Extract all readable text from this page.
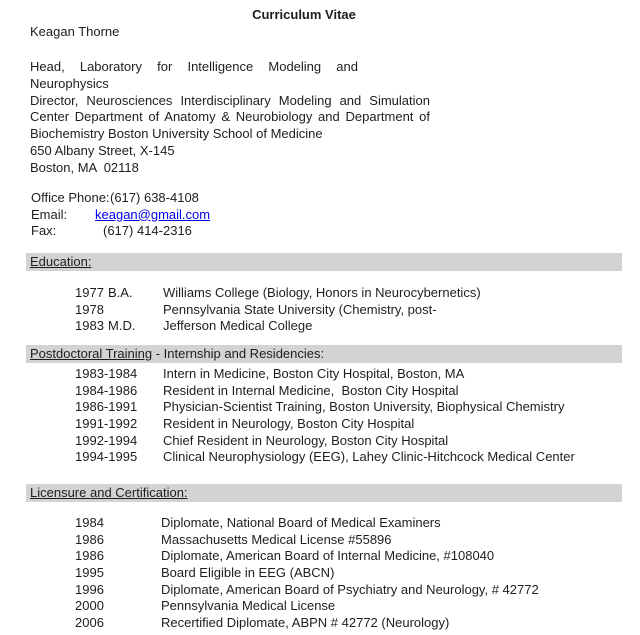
Curriculum Vitae
Keagan Thorne
Head, Laboratory for Intelligence Modeling and
Neurophysics
Director, Neurosciences Interdisciplinary Modeling and Simulation
Center Department of Anatomy & Neurobiology and Department of
Biochemistry Boston University School of Medicine
650 Albany Street, X-145
Boston, MA  02118
Office Phone: (617) 638-4108
Email: keagan@gmail.com
Fax:	(617) 414-2316
Education:
1977 B.A. Williams College (Biology, Honors in Neurocybernetics)
1978	Pennsylvania State University (Chemistry, post-
1983 M.D. Jefferson Medical College
Postdoctoral Training - Internship and Residencies:
1983-1984 Intern in Medicine, Boston City Hospital, Boston, MA
1984-1986 Resident in Internal Medicine,  Boston City Hospital
1986-1991 Physician-Scientist Training, Boston University, Biophysical Chemistry
1991-1992 Resident in Neurology, Boston City Hospital
1992-1994 Chief Resident in Neurology, Boston City Hospital
1994-1995 Clinical Neurophysiology (EEG), Lahey Clinic-Hitchcock Medical Center
Licensure and Certification:
1984	Diplomate, National Board of Medical Examiners
1986	Massachusetts Medical License #55896
1986	Diplomate, American Board of Internal Medicine, #108040
1995	Board Eligible in EEG (ABCN)
1996	Diplomate, American Board of Psychiatry and Neurology, # 42772
2000	Pennsylvania Medical License
2006	Recertified Diplomate, ABPN # 42772 (Neurology)
